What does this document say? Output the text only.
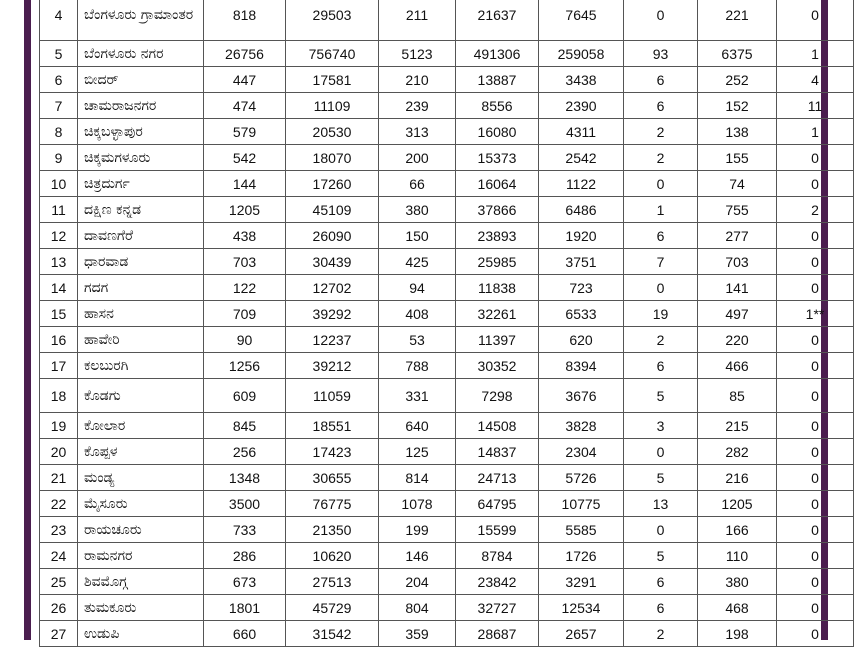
4	ಬೆಂಗಳೂರು ಗ್ರಾಮಾಂತರ	818	29503	211	21637	7645	0	221	0
5	ಬೆಂಗಳೂರು ನಗರ	26756	756740	5123	491306	259058	93	6375	1
6	ಬೀದರ್	447	17581	210	13887	3438	6	252	4
7	ಚಾಮರಾಜನಗರ	474	11109	239	8556	2390	6	152	11
8	ಚಿಕ್ಕಬಳ್ಳಾಪುರ	579	20530	313	16080	4311	2	138	1
9	ಚಿಕ್ಕಮಗಳೂರು	542	18070	200	15373	2542	2	155	0
10	ಚಿತ್ರದುರ್ಗ	144	17260	66	16064	1122	0	74	0
11	ದಕ್ಷಿಣ ಕನ್ನಡ	1205	45109	380	37866	6486	1	755	2
12	ದಾವಣಗೆರೆ	438	26090	150	23893	1920	6	277	0
13	ಧಾರವಾಡ	703	30439	425	25985	3751	7	703	0
14	ಗದಗ	122	12702	94	11838	723	0	141	0
15	ಹಾಸನ	709	39292	408	32261	6533	19	497	1**
16	ಹಾವೇರಿ	90	12237	53	11397	620	2	220	0
17	ಕಲಬುರಗಿ	1256	39212	788	30352	8394	6	466	0
18	ಕೊಡಗು	609	11059	331	7298	3676	5	85	0
19	ಕೋಲಾರ	845	18551	640	14508	3828	3	215	0
20	ಕೊಪ್ಪಳ	256	17423	125	14837	2304	0	282	0
21	ಮಂಡ್ಯ	1348	30655	814	24713	5726	5	216	0
22	ಮೈಸೂರು	3500	76775	1078	64795	10775	13	1205	0
23	ರಾಯಚೂರು	733	21350	199	15599	5585	0	166	0
24	ರಾಮನಗರ	286	10620	146	8784	1726	5	110	0
25	ಶಿವಮೊಗ್ಗ	673	27513	204	23842	3291	6	380	0
26	ತುಮಕೂರು	1801	45729	804	32727	12534	6	468	0
27	ಉಡುಪಿ	660	31542	359	28687	2657	2	198	0
